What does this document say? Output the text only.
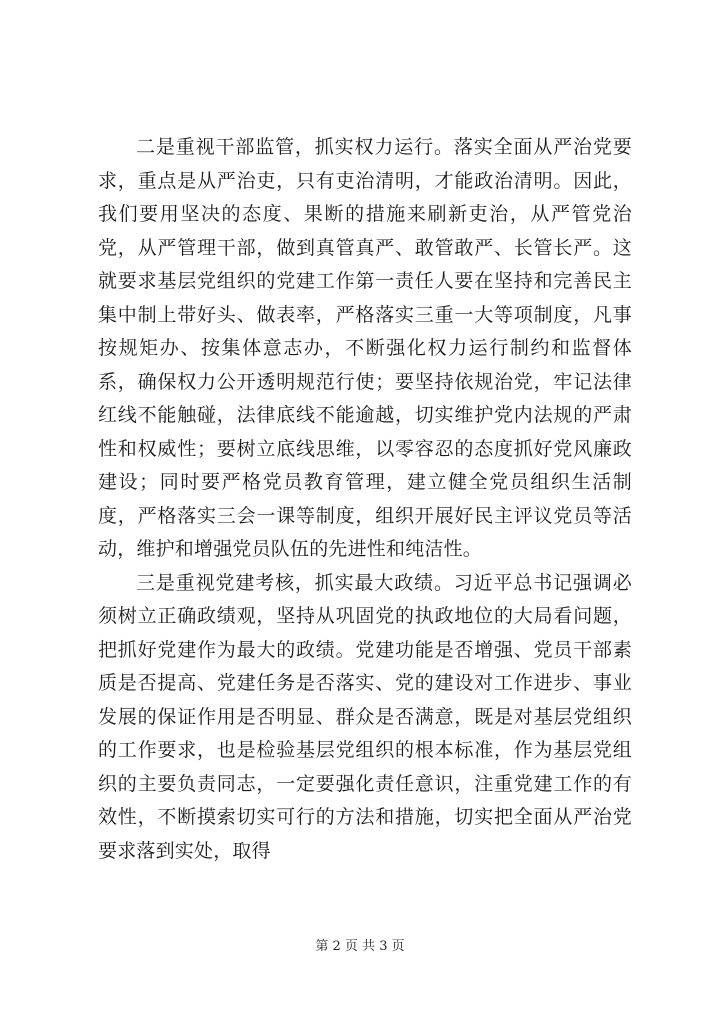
二是重视干部监管，抓实权力运行。落实全面从严治党要求，重点是从严治吏，只有吏治清明，才能政治清明。因此，我们要用坚决的态度、果断的措施来刷新吏治，从严管党治党，从严管理干部，做到真管真严、敢管敢严、长管长严。这就要求基层党组织的党建工作第一责任人要在坚持和完善民主集中制上带好头、做表率，严格落实三重一大等项制度，凡事按规矩办、按集体意志办，不断强化权力运行制约和监督体系，确保权力公开透明规范行使；要坚持依规治党，牢记法律红线不能触碰，法律底线不能逾越，切实维护党内法规的严肃性和权威性；要树立底线思维，以零容忍的态度抓好党风廉政建设；同时要严格党员教育管理，建立健全党员组织生活制度，严格落实三会一课等制度，组织开展好民主评议党员等活动，维护和增强党员队伍的先进性和纯洁性。

三是重视党建考核，抓实最大政绩。习近平总书记强调必须树立正确政绩观，坚持从巩固党的执政地位的大局看问题，把抓好党建作为最大的政绩。党建功能是否增强、党员干部素质是否提高、党建任务是否落实、党的建设对工作进步、事业发展的保证作用是否明显、群众是否满意，既是对基层党组织的工作要求，也是检验基层党组织的根本标准，作为基层党组织的主要负责同志，一定要强化责任意识，注重党建工作的有效性，不断摸索切实可行的方法和措施，切实把全面从严治党要求落到实处，取得

第 2 页 共 3 页
